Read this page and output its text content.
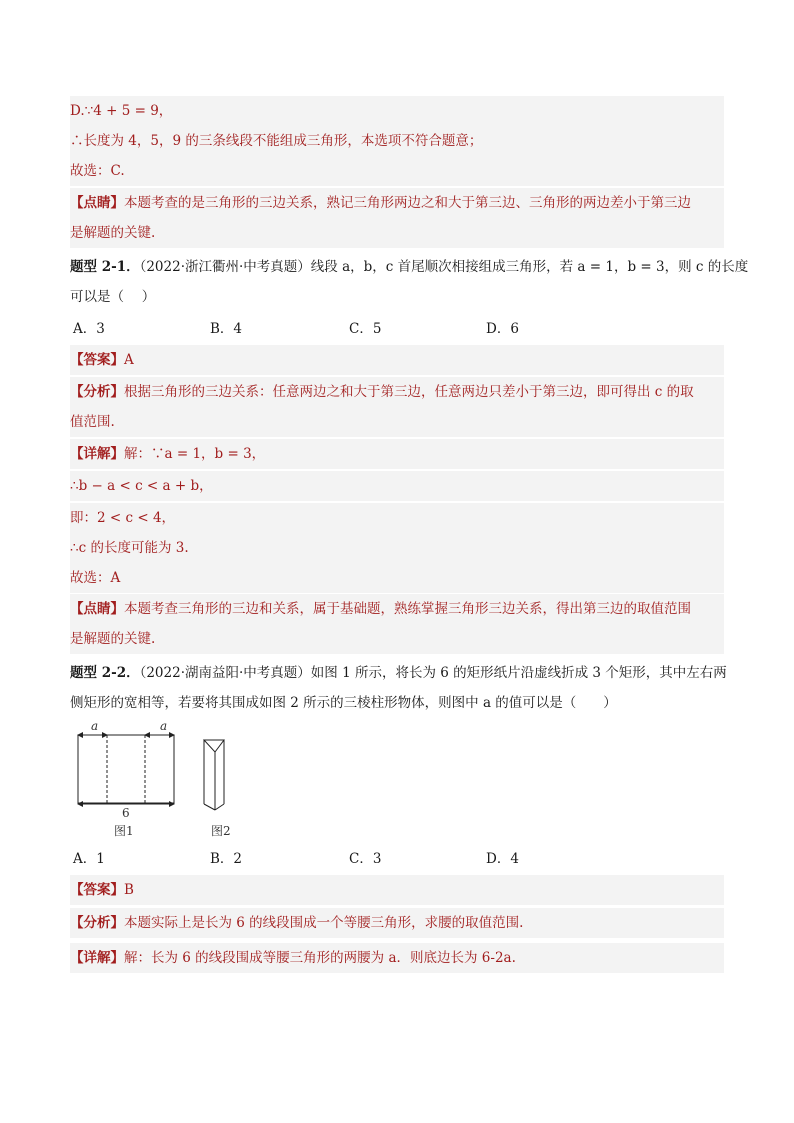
D.∵4 + 5 = 9，
∴长度为 4，5，9 的三条线段不能组成三角形，本选项不符合题意；
故选：C.
【点睛】本题考查的是三角形的三边关系，熟记三角形两边之和大于第三边、三角形的两边差小于第三边
是解题的关键.
题型 2-1．（2022·浙江衢州·中考真题）线段 a，b，c 首尾顺次相接组成三角形，若 a = 1，b = 3，则 c 的长度
可以是（　 ）
A．3	B．4	C．5	D．6
【答案】A
【分析】根据三角形的三边关系：任意两边之和大于第三边，任意两边只差小于第三边，即可得出 c 的取
值范围.
【详解】解：∵a = 1，b = 3，
∴b − a < c < a + b，
即：2 < c < 4，
∴c 的长度可能为 3.
故选：A
【点睛】本题考查三角形的三边和关系，属于基础题，熟练掌握三角形三边关系，得出第三边的取值范围
是解题的关键.
题型 2-2．（2022·湖南益阳·中考真题）如图 1 所示，将长为 6 的矩形纸片沿虚线折成 3 个矩形，其中左右两
侧矩形的宽相等，若要将其围成如图 2 所示的三棱柱形物体，则图中 a 的值可以是（　　）
a	a
6
图1	图2
A．1	B．2	C．3	D．4
【答案】B
【分析】本题实际上是长为 6 的线段围成一个等腰三角形，求腰的取值范围.
【详解】解：长为 6 的线段围成等腰三角形的两腰为 a．则底边长为 6-2a.
